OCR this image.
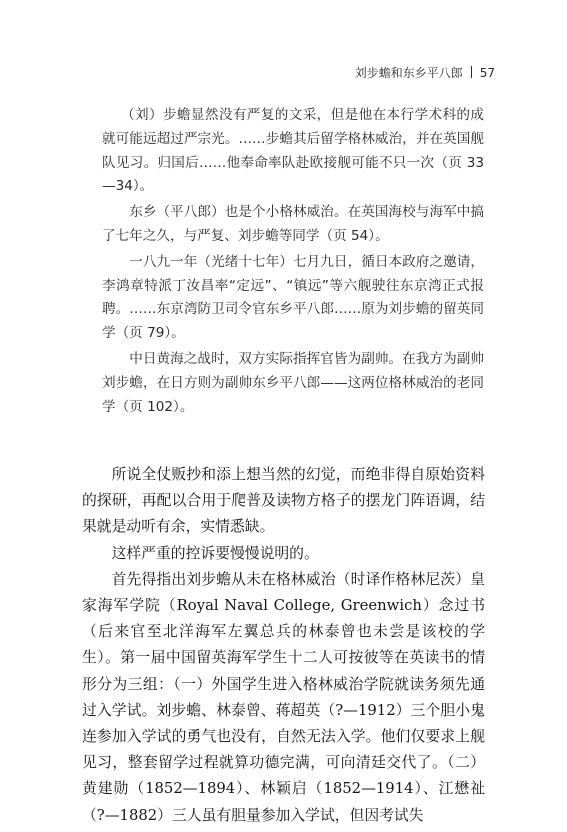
刘步蟾和东乡平八郎 57

（刘）步蟾显然没有严复的文采，但是他在本行学术科的成就可能远超过严宗光。……步蟾其后留学格林威治，并在英国舰队见习。归国后……他奉命率队赴欧接舰可能不只一次（页 33—34）。

东乡（平八郎）也是个小格林威治。在英国海校与海军中搞了七年之久，与严复、刘步蟾等同学（页 54）。

一八九一年（光绪十七年）七月九日，循日本政府之邀请，李鸿章特派丁汝昌率“定远”、“镇远”等六舰驶往东京湾正式报聘。……东京湾防卫司令官东乡平八郎……原为刘步蟾的留英同学（页 79）。

中日黄海之战时，双方实际指挥官皆为副帅。在我方为副帅刘步蟾，在日方则为副帅东乡平八郎——这两位格林威治的老同学（页 102）。

所说全仗贩抄和添上想当然的幻觉，而绝非得自原始资料的探研，再配以合用于爬普及读物方格子的摆龙门阵语调，结果就是动听有余，实情悉缺。

这样严重的控诉要慢慢说明的。

首先得指出刘步蟾从未在格林威治（时译作格林尼茨）皇家海军学院（Royal Naval College, Greenwich）念过书（后来官至北洋海军左翼总兵的林泰曾也未尝是该校的学生）。第一届中国留英海军学生十二人可按彼等在英读书的情形分为三组：（一）外国学生进入格林威治学院就读务须先通过入学试。刘步蟾、林泰曾、蒋超英（?—1912）三个胆小鬼连参加入学试的勇气也没有，自然无法入学。他们仅要求上舰见习，整套留学过程就算功德完满，可向清廷交代了。（二）黄建勋（1852—1894）、林颖启（1852—1914）、江懋祉（?—1882）三人虽有胆量参加入学试，但因考试失
